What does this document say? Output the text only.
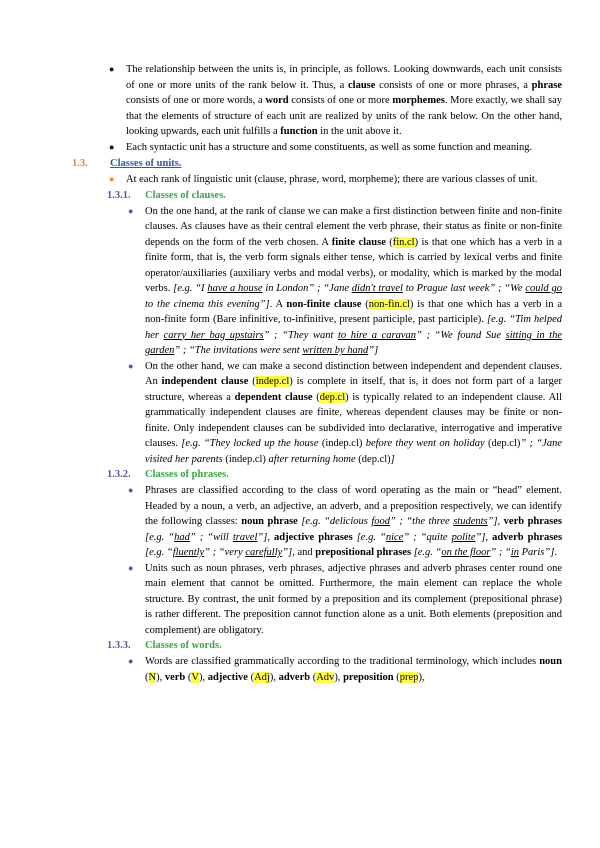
● The relationship between the units is, in principle, as follows. Looking downwards, each unit consists of one or more units of the rank below it. Thus, a clause consists of one or more phrases, a phrase consists of one or more words, a word consists of one or more morphemes. More exactly, we shall say that the elements of structure of each unit are realized by units of the rank below. On the other hand, looking upwards, each unit fulfills a function in the unit above it.
● Each syntactic unit has a structure and some constituents, as well as some function and meaning.
1.3. Classes of units.
● At each rank of linguistic unit (clause, phrase, word, morpheme); there are various classes of unit.
1.3.1. Classes of clauses.
● On the one hand, at the rank of clause we can make a first distinction between finite and non-finite clauses. As clauses have as their central element the verb phrase, their status as finite or non-finite depends on the form of the verb chosen. A finite clause (fin.cl) is that one which has a verb in a finite form, that is, the verb form signals either tense, which is carried by lexical verbs and finite operator/auxiliaries (auxiliary verbs and modal verbs), or modality, which is marked by the modal verbs. [e.g. “I have a house in London” ; “Jane didn't travel to Prague last week” ; “We could go to the cinema this evening”]. A non-finite clause (non-fin.cl) is that one which has a verb in a non-finite form (Bare infinitive, to-infinitive, present participle, past participle). [e.g. “Tim helped her carry her bag upstairs” ; “They want to hire a caravan” ; “We found Sue sitting in the garden” ; “The invitations were sent written by hand”]
● On the other hand, we can make a second distinction between independent and dependent clauses. An independent clause (indep.cl) is complete in itself, that is, it does not form part of a larger structure, whereas a dependent clause (dep.cl) is typically related to an independent clause. All grammatically independent clauses are finite, whereas dependent clauses may be finite or non-finite. Only independent clauses can be subdivided into declarative, interrogative and imperative clauses. [e.g. “They locked up the house (indep.cl) before they went on holiday (dep.cl)” ; “Jane visited her parents (indep.cl) after returning home (dep.cl)]
1.3.2. Classes of phrases.
● Phrases are classified according to the class of word operating as the main or “head” element. Headed by a noun, a verb, an adjective, an adverb, and a preposition respectively, we can identify the following classes: noun phrase [e.g. “delicious food” ; “the three students”], verb phrases [e.g. “had” ; “will travel”], adjective phrases [e.g. “nice” ; “quite polite”], adverb phrases [e.g. “fluently” ; “very carefully”], and prepositional phrases [e.g. “on the floor” ; “in Paris”].
● Units such as noun phrases, verb phrases, adjective phrases and adverb phrases center round one main element that cannot be omitted. Furthermore, the main element can replace the whole structure. By contrast, the unit formed by a preposition and its complement (prepositional phrase) is rather different. The preposition cannot function alone as a unit. Both elements (preposition and complement) are obligatory.
1.3.3. Classes of words.
● Words are classified grammatically according to the traditional terminology, which includes noun (N), verb (V), adjective (Adj), adverb (Adv), preposition (prep),
